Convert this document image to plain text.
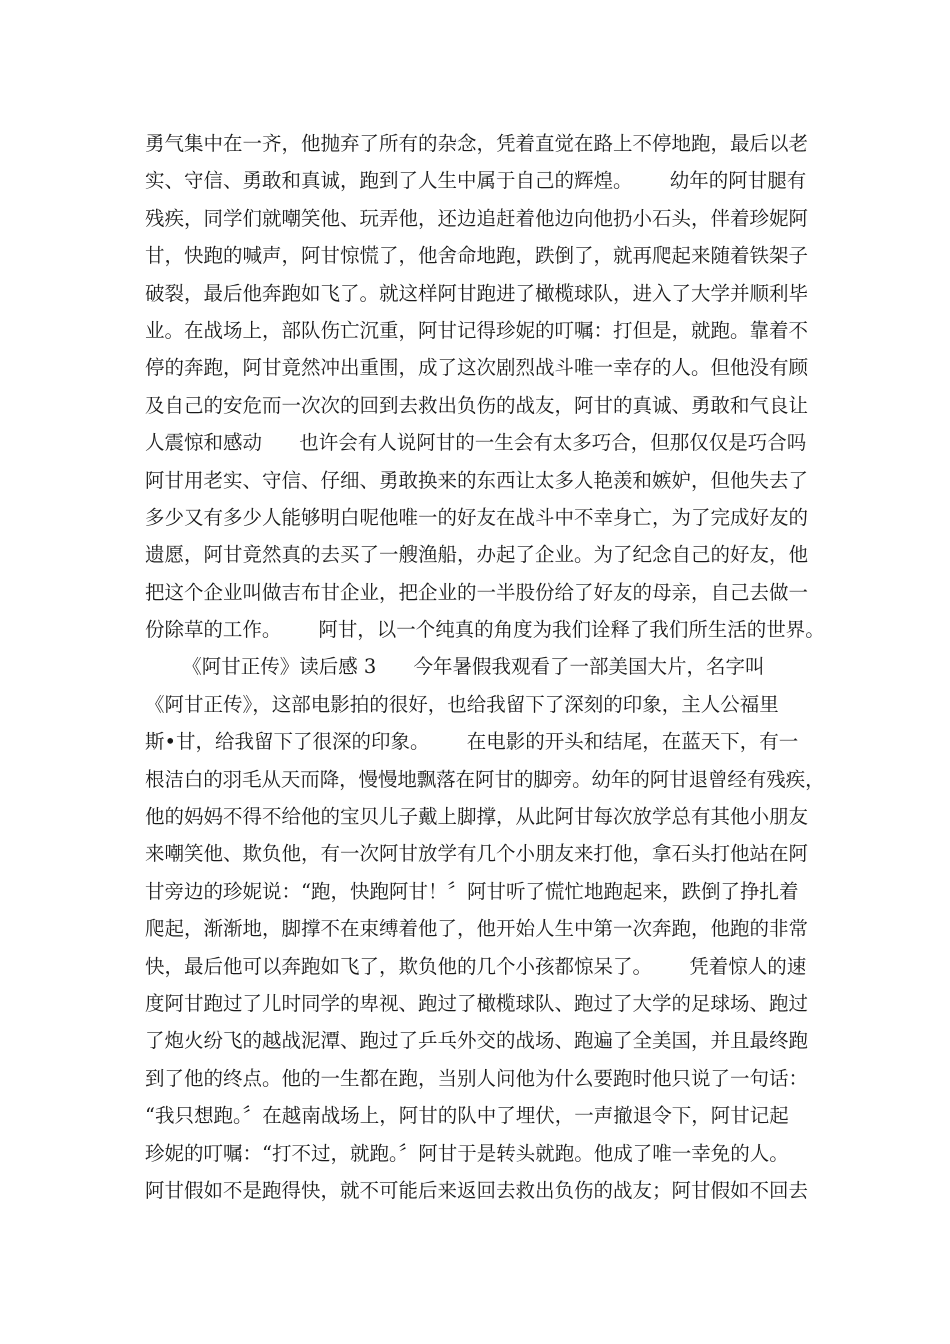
勇气集中在一齐，他抛弃了所有的杂念，凭着直觉在路上不停地跑，最后以老
实、守信、勇敢和真诚，跑到了人生中属于自己的辉煌。      幼年的阿甘腿有
残疾，同学们就嘲笑他、玩弄他，还边追赶着他边向他扔小石头，伴着珍妮阿
甘，快跑的喊声，阿甘惊慌了，他舍命地跑，跌倒了，就再爬起来随着铁架子
破裂，最后他奔跑如飞了。就这样阿甘跑进了橄榄球队，进入了大学并顺利毕
业。在战场上，部队伤亡沉重，阿甘记得珍妮的叮嘱：打但是，就跑。靠着不
停的奔跑，阿甘竟然冲出重围，成了这次剧烈战斗唯一幸存的人。但他没有顾
及自己的安危而一次次的回到去救出负伤的战友，阿甘的真诚、勇敢和气良让
人震惊和感动      也许会有人说阿甘的一生会有太多巧合，但那仅仅是巧合吗
阿甘用老实、守信、仔细、勇敢换来的东西让太多人艳羡和嫉妒，但他失去了
多少又有多少人能够明白呢他唯一的好友在战斗中不幸身亡，为了完成好友的
遗愿，阿甘竟然真的去买了一艘渔船，办起了企业。为了纪念自己的好友，他
把这个企业叫做吉布甘企业，把企业的一半股份给了好友的母亲，自己去做一
份除草的工作。      阿甘，以一个纯真的角度为我们诠释了我们所生活的世界。
《阿甘正传》读后感 3      今年暑假我观看了一部美国大片，名字叫
《阿甘正传》，这部电影拍的很好，也给我留下了深刻的印象，主人公福里
斯•甘，给我留下了很深的印象。      在电影的开头和结尾，在蓝天下，有一
根洁白的羽毛从天而降，慢慢地飘落在阿甘的脚旁。幼年的阿甘退曾经有残疾，
他的妈妈不得不给他的宝贝儿子戴上脚撑，从此阿甘每次放学总有其他小朋友
来嘲笑他、欺负他，有一次阿甘放学有几个小朋友来打他，拿石头打他站在阿
甘旁边的珍妮说：“跑，快跑阿甘！〞阿甘听了慌忙地跑起来，跌倒了挣扎着
爬起，渐渐地，脚撑不在束缚着他了，他开始人生中第一次奔跑，他跑的非常
快，最后他可以奔跑如飞了，欺负他的几个小孩都惊呆了。      凭着惊人的速
度阿甘跑过了儿时同学的卑视、跑过了橄榄球队、跑过了大学的足球场、跑过
了炮火纷飞的越战泥潭、跑过了乒乓外交的战场、跑遍了全美国，并且最终跑
到了他的终点。他的一生都在跑，当别人问他为什么要跑时他只说了一句话：
“我只想跑。〞在越南战场上，阿甘的队中了埋伏，一声撤退令下，阿甘记起
珍妮的叮嘱：“打不过，就跑。〞阿甘于是转头就跑。他成了唯一幸免的人。
阿甘假如不是跑得快，就不可能后来返回去救出负伤的战友；阿甘假如不回去
